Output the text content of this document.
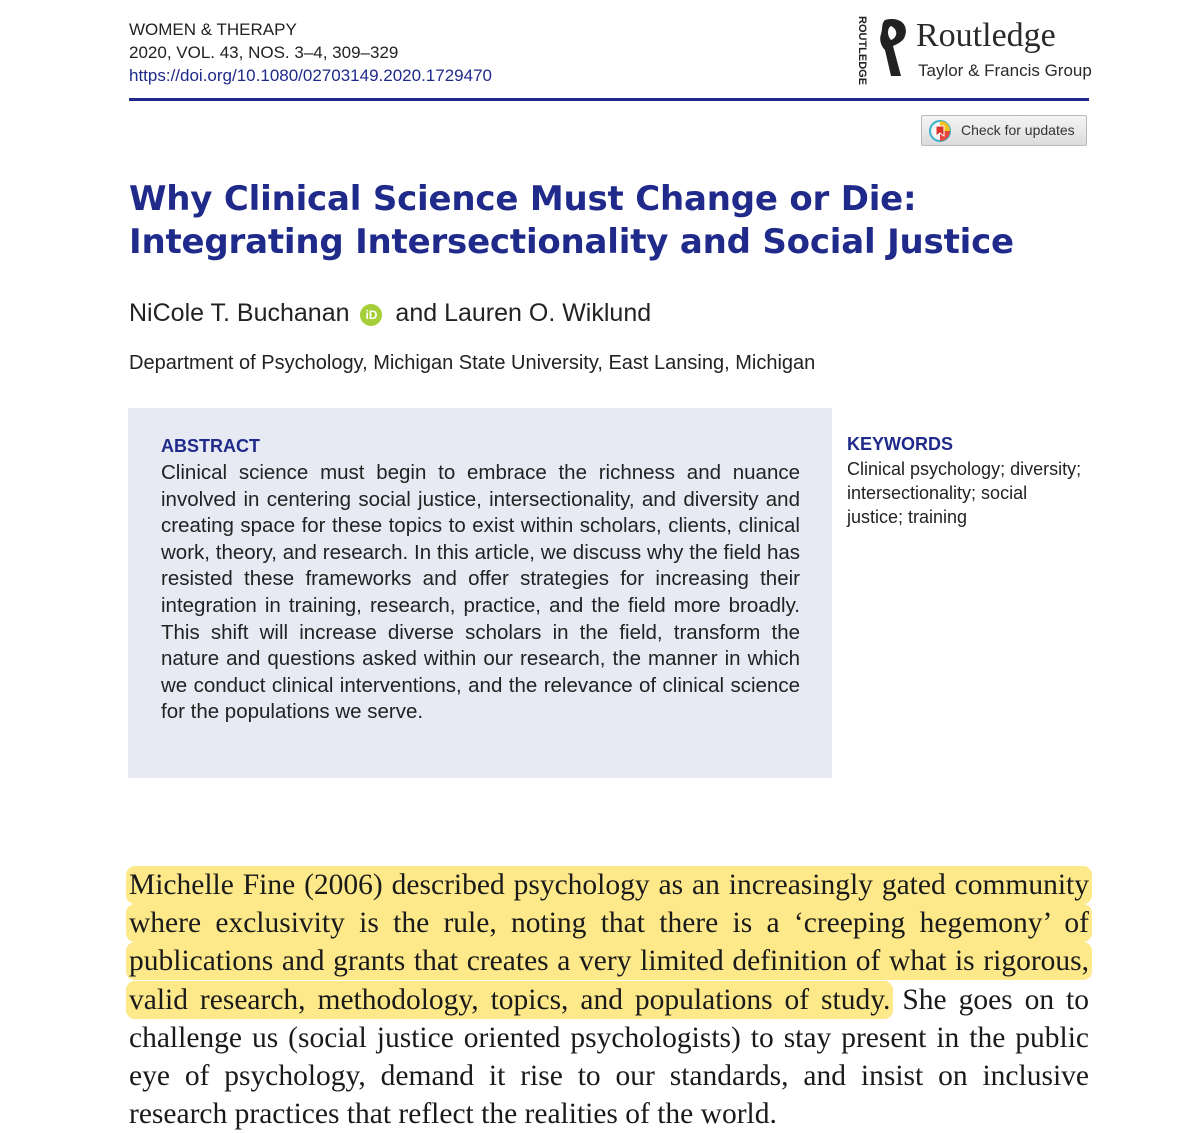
WOMEN & THERAPY
2020, VOL. 43, NOS. 3–4, 309–329
https://doi.org/10.1080/02703149.2020.1729470	ROUTLEDGE Routledge
Taylor & Francis Group
Check for updates
Why Clinical Science Must Change or Die: Integrating Intersectionality and Social Justice
NiCole T. Buchanan iD and Lauren O. Wiklund
Department of Psychology, Michigan State University, East Lansing, Michigan
ABSTRACT
Clinical science must begin to embrace the richness and nuance involved in centering social justice, intersectionality, and diversity and creating space for these topics to exist within scholars, clients, clinical work, theory, and research. In this article, we discuss why the field has resisted these frameworks and offer strategies for increasing their integration in training, research, practice, and the field more broadly. This shift will increase diverse scholars in the field, transform the nature and questions asked within our research, the manner in which we conduct clinical interventions, and the relevance of clinical science for the populations we serve.
KEYWORDS
Clinical psychology; diversity; intersectionality; social justice; training
Michelle Fine (2006) described psychology as an increasingly gated community where exclusivity is the rule, noting that there is a ‘creeping hegemony’ of publications and grants that creates a very limited definition of what is rigorous, valid research, methodology, topics, and populations of study. She goes on to challenge us (social justice oriented psychologists) to stay present in the public eye of psychology, demand it rise to our standards, and insist on inclusive research practices that reflect the realities of the world.
